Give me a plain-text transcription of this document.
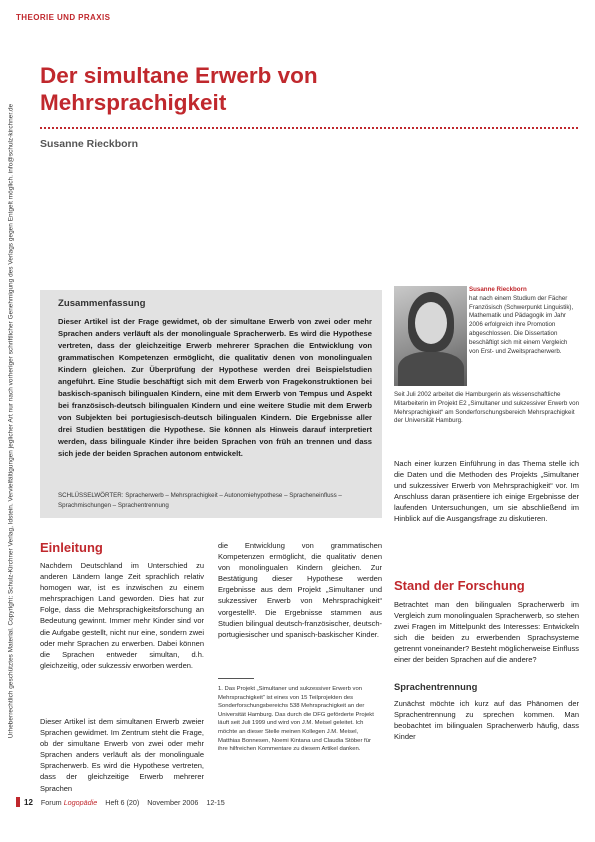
Urheberrechtlich geschütztes Material. Copyright: Schulz-Kirchner Verlag, Idstein. Vervielfältigungen jeglicher Art nur nach vorheriger schriftlicher Genehmigung des Verlags gegen Entgelt möglich. info@schulz-kirchner.de
THEORIE UND PRAXIS
Der simultane Erwerb von Mehrsprachigkeit
Susanne Rieckborn
Zusammenfassung
Dieser Artikel ist der Frage gewidmet, ob der simultane Erwerb von zwei oder mehr Sprachen anders verläuft als der monolinguale Spracherwerb. Es wird die Hypothese vertreten, dass der gleichzeitige Erwerb mehrerer Sprachen die Entwicklung von grammatischen Kompetenzen ermöglicht, die qualitativ denen von monolingualen Kindern gleichen. Zur Überprüfung der Hypothese werden drei Beispielstudien angeführt. Eine Studie beschäftigt sich mit dem Erwerb von Fragekonstruktionen bei baskisch-spanisch bilingualen Kindern, eine mit dem Erwerb von Tempus und Aspekt bei französisch-deutsch bilingualen Kindern und eine weitere Studie mit dem Erwerb von Subjekten bei portugiesisch-deutsch bilingualen Kindern. Die Ergebnisse aller drei Studien bestätigen die Hypothese. Sie können als Hinweis darauf interpretiert werden, dass bilinguale Kinder ihre beiden Sprachen von früh an trennen und dass sich jede der beiden Sprachen autonom entwickelt.
SCHLÜSSELWÖRTER: Spracherwerb – Mehrsprachigkeit – Autonomiehypothese – Spracheneinfluss – Sprachmischungen – Sprachentrennung
Susanne Rieckborn
hat nach einem Studium der Fächer Französisch (Schwerpunkt Linguistik), Mathematik und Pädagogik im Jahr 2006 erfolgreich ihre Promotion abgeschlossen. Die Dissertation beschäftigt sich mit einem Vergleich von Erst- und Zweitspracherwerb.
Seit Juli 2002 arbeitet die Hamburgerin als wissenschaftliche Mitarbeiterin im Projekt E2 „Simultaner und sukzessiver Erwerb von Mehrsprachigkeit“ am Sonderforschungsbereich Mehrsprachigkeit der Universität Hamburg.
Einleitung
Nachdem Deutschland im Unterschied zu anderen Ländern lange Zeit sprachlich relativ homogen war, ist es inzwischen zu einem mehrsprachigen Land geworden. Dies hat zur Folge, dass die Mehrsprachigkeitsforschung an Bedeutung gewinnt. Immer mehr Kinder sind vor die Aufgabe gestellt, nicht nur eine, sondern zwei oder mehr Sprachen zu erwerben. Dabei können die Sprachen entweder simultan, d.h. gleichzeitig, oder sukzessiv erworben werden.
Dieser Artikel ist dem simultanen Erwerb zweier Sprachen gewidmet. Im Zentrum steht die Frage, ob der simultane Erwerb von zwei oder mehr Sprachen anders verläuft als der monolinguale Spracherwerb. Es wird die Hypothese vertreten, dass der gleichzeitige Erwerb mehrerer Sprachen
die Entwicklung von grammatischen Kompetenzen ermöglicht, die qualitativ denen von monolingualen Kindern gleichen. Zur Bestätigung dieser Hypothese werden Ergebnisse aus dem Projekt „Simultaner und sukzessiver Erwerb von Mehrsprachigkeit“ vorgestellt¹. Die Ergebnisse stammen aus Studien bilingual deutsch-französischer, deutsch-portugiesischer und spanisch-baskischer Kinder.
1. Das Projekt „Simultaner und sukzessiver Erwerb von Mehrsprachigkeit“ ist eines von 15 Teilprojekten des Sonderforschungsbereichs 538 Mehrsprachigkeit an der Universität Hamburg. Das durch die DFG geförderte Projekt läuft seit Juli 1999 und wird von J.M. Meisel geleitet. Ich möchte an dieser Stelle meinen Kollegen J.M. Meisel, Matthias Bonnesen, Noemi Kintana und Claudia Stöber für ihre hilfreichen Kommentare zu diesem Artikel danken.
Nach einer kurzen Einführung in das Thema stelle ich die Daten und die Methoden des Projekts „Simultaner und sukzessiver Erwerb von Mehrsprachigkeit“ vor. Im Anschluss daran präsentiere ich einige Ergebnisse der laufenden Untersuchungen, um sie abschließend im Hinblick auf die Ausgangsfrage zu diskutieren.
Stand der Forschung
Betrachtet man den bilingualen Spracherwerb im Vergleich zum monolingualen Spracherwerb, so stehen zwei Fragen im Mittelpunkt des Interesses: Entwickeln sich die beiden zu erwerbenden Sprachsysteme getrennt voneinander? Besteht möglicherweise Einfluss einer der beiden Sprachen auf die andere?
Sprachentrennung
Zunächst möchte ich kurz auf das Phänomen der Sprachentrennung zu sprechen kommen. Man beobachtet im bilingualen Spracherwerb häufig, dass Kinder
12 Forum Logopädie Heft 6 (20) November 2006 12-15
